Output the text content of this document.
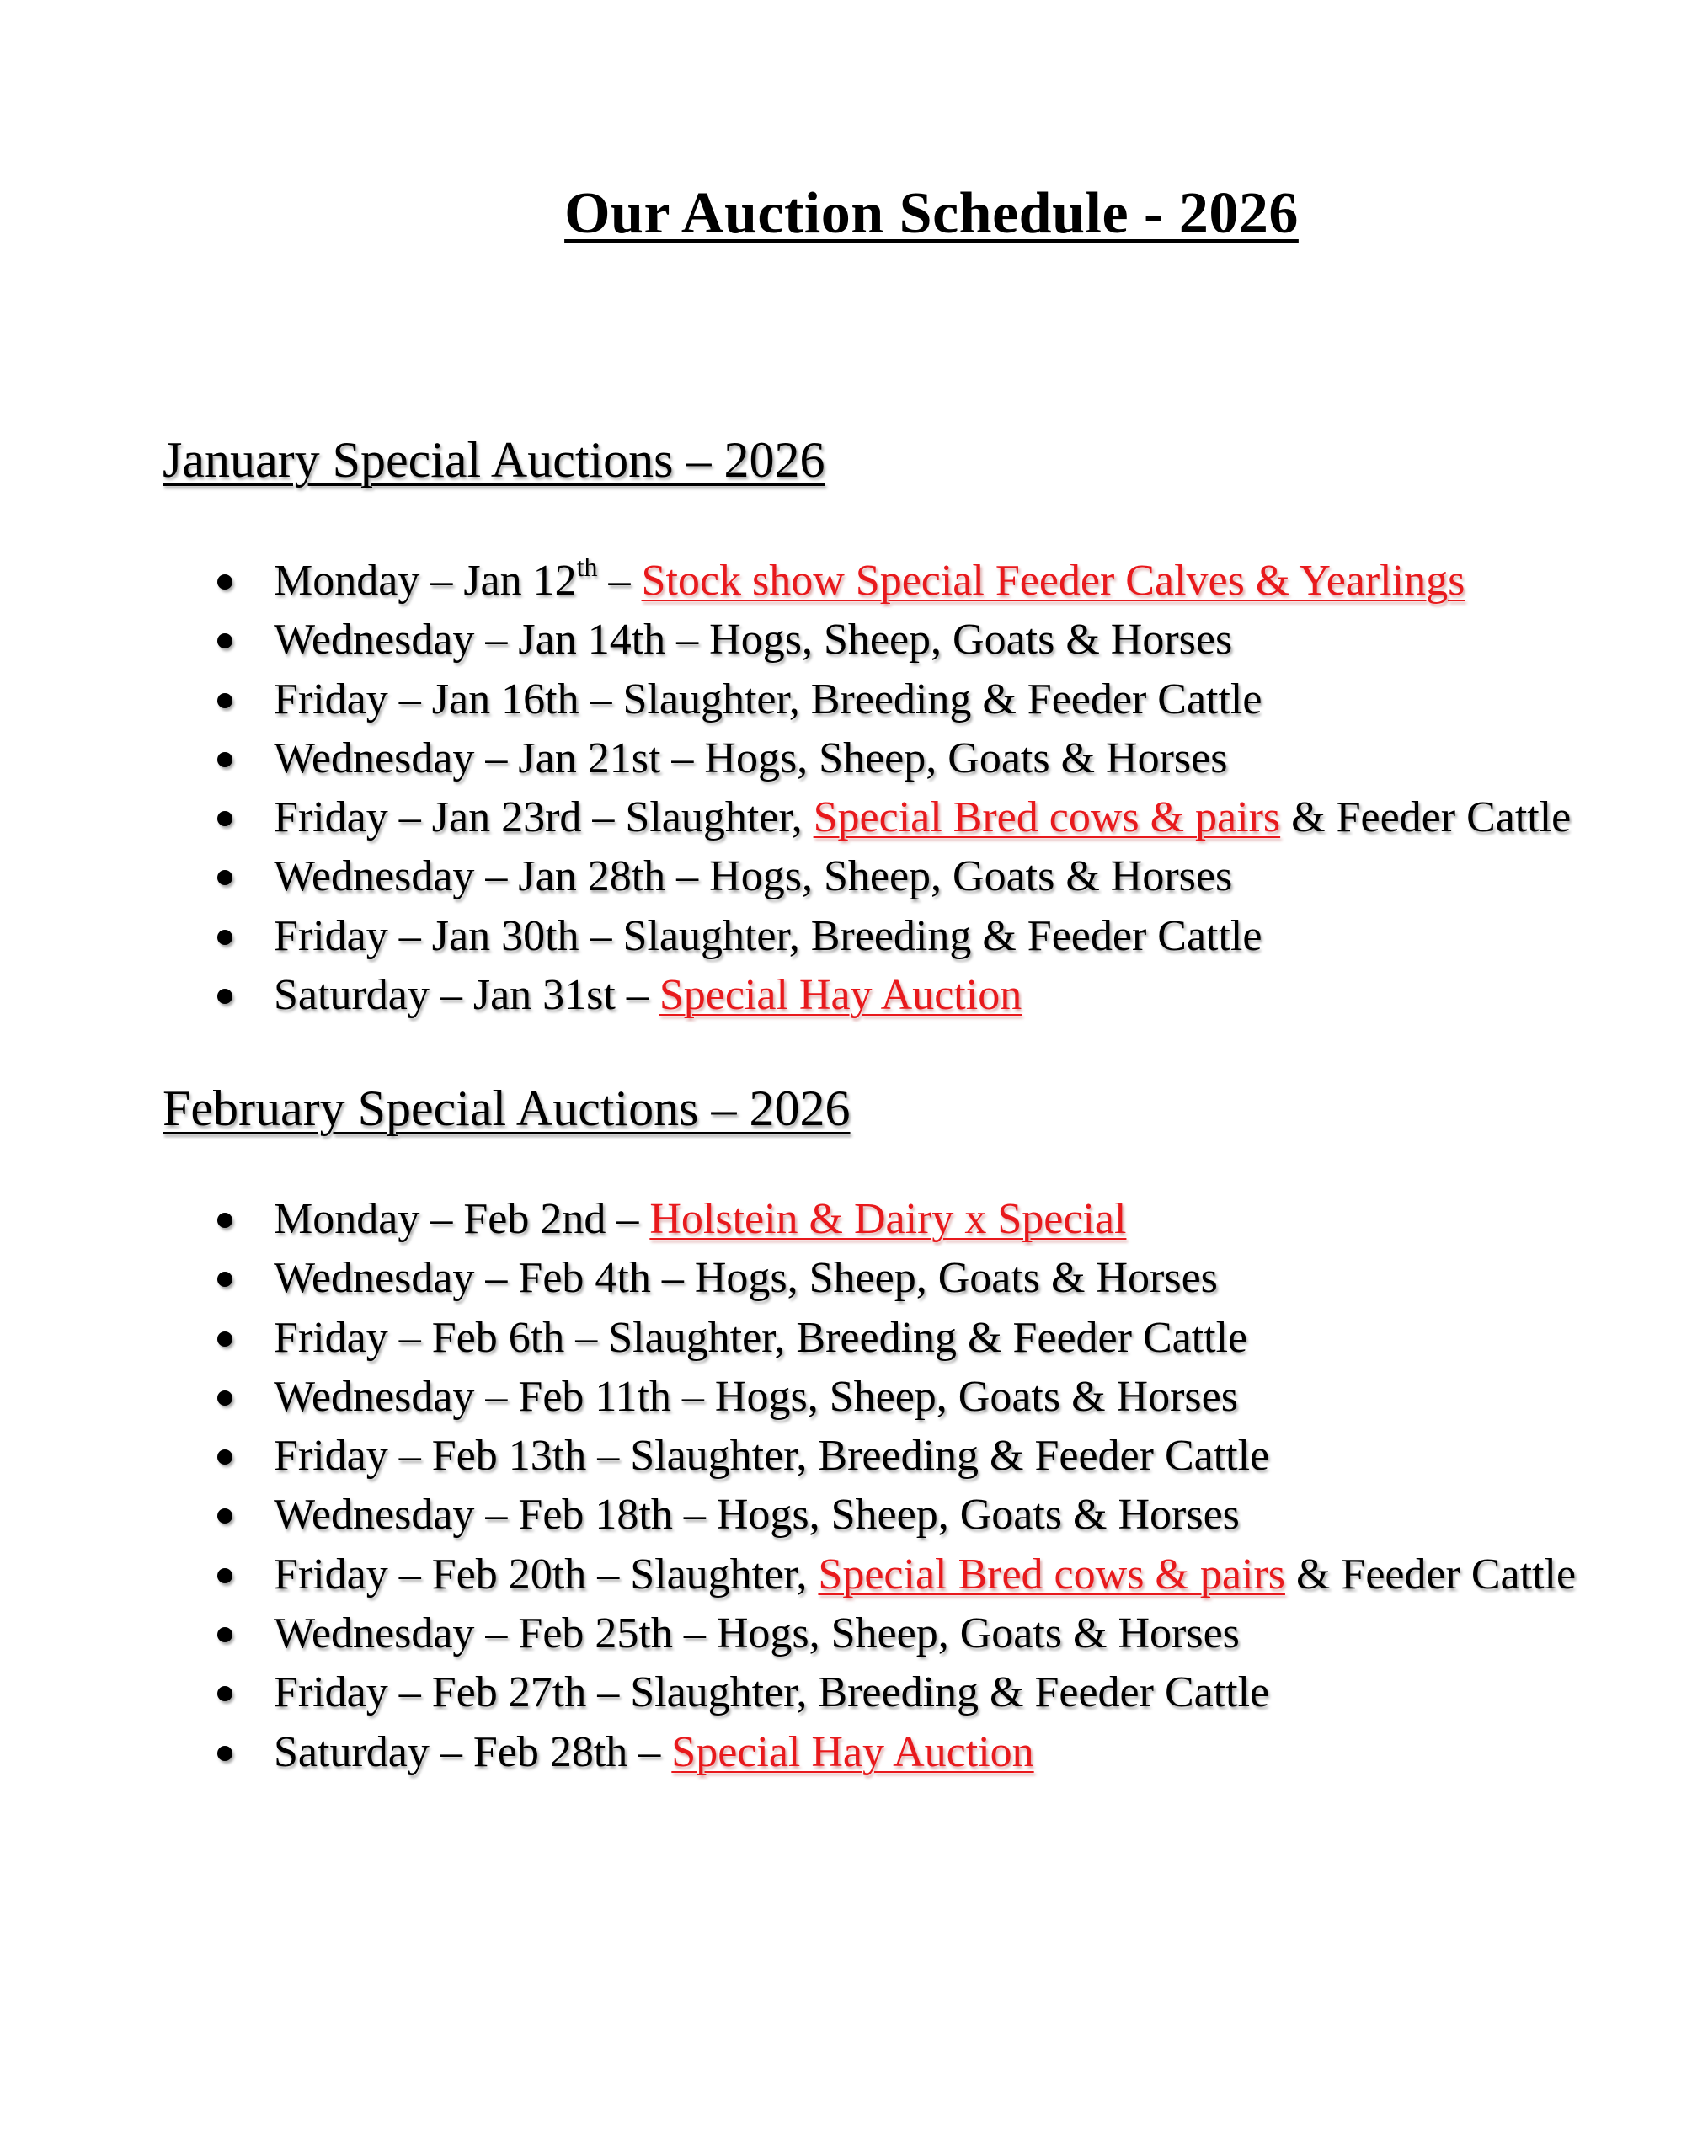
Our Auction Schedule - 2026
January Special Auctions – 2026
Monday – Jan 12th – Stock show Special Feeder Calves & Yearlings
Wednesday – Jan 14th – Hogs, Sheep, Goats & Horses
Friday – Jan 16th – Slaughter, Breeding & Feeder Cattle
Wednesday – Jan 21st – Hogs, Sheep, Goats & Horses
Friday – Jan 23rd – Slaughter, Special Bred cows & pairs & Feeder Cattle
Wednesday – Jan 28th – Hogs, Sheep, Goats & Horses
Friday – Jan 30th – Slaughter, Breeding & Feeder Cattle
Saturday – Jan 31st – Special Hay Auction
February Special Auctions – 2026
Monday – Feb 2nd – Holstein & Dairy x Special
Wednesday – Feb 4th – Hogs, Sheep, Goats & Horses
Friday – Feb 6th – Slaughter, Breeding & Feeder Cattle
Wednesday – Feb 11th – Hogs, Sheep, Goats & Horses
Friday – Feb 13th – Slaughter, Breeding & Feeder Cattle
Wednesday – Feb 18th – Hogs, Sheep, Goats & Horses
Friday – Feb 20th – Slaughter, Special Bred cows & pairs & Feeder Cattle
Wednesday – Feb 25th – Hogs, Sheep, Goats & Horses
Friday – Feb 27th – Slaughter, Breeding & Feeder Cattle
Saturday – Feb 28th – Special Hay Auction
